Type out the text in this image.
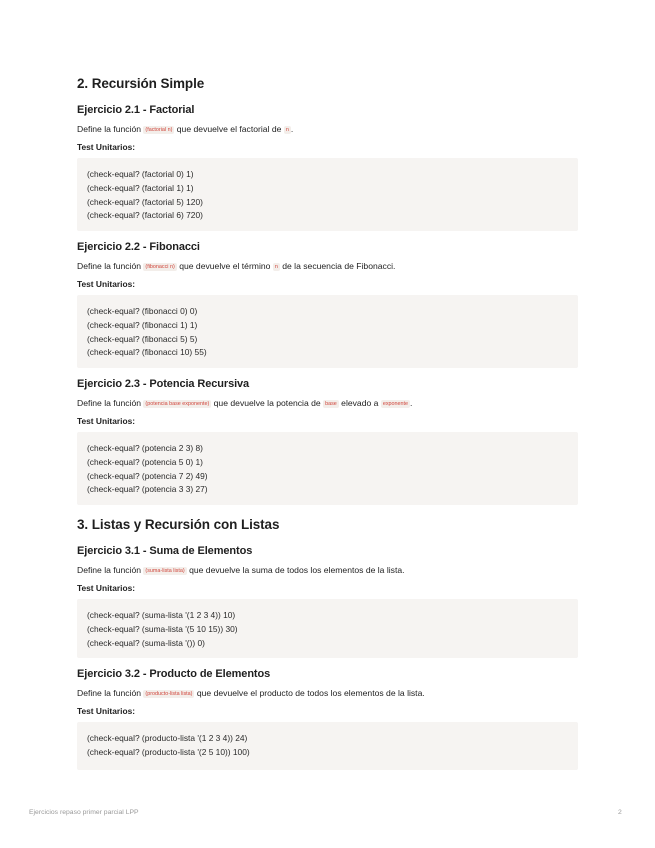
2. Recursión Simple
Ejercicio 2.1 - Factorial
Define la función (factorial n) que devuelve el factorial de n .
Test Unitarios:
(check-equal? (factorial 0) 1)
(check-equal? (factorial 1) 1)
(check-equal? (factorial 5) 120)
(check-equal? (factorial 6) 720)
Ejercicio 2.2 - Fibonacci
Define la función (fibonacci n) que devuelve el término n de la secuencia de Fibonacci.
Test Unitarios:
(check-equal? (fibonacci 0) 0)
(check-equal? (fibonacci 1) 1)
(check-equal? (fibonacci 5) 5)
(check-equal? (fibonacci 10) 55)
Ejercicio 2.3 - Potencia Recursiva
Define la función (potencia base exponente) que devuelve la potencia de base elevado a exponente .
Test Unitarios:
(check-equal? (potencia 2 3) 8)
(check-equal? (potencia 5 0) 1)
(check-equal? (potencia 7 2) 49)
(check-equal? (potencia 3 3) 27)
3. Listas y Recursión con Listas
Ejercicio 3.1 - Suma de Elementos
Define la función (suma-lista lista) que devuelve la suma de todos los elementos de la lista.
Test Unitarios:
(check-equal? (suma-lista '(1 2 3 4)) 10)
(check-equal? (suma-lista '(5 10 15)) 30)
(check-equal? (suma-lista '()) 0)
Ejercicio 3.2 - Producto de Elementos
Define la función (producto-lista lista) que devuelve el producto de todos los elementos de la lista.
Test Unitarios:
(check-equal? (producto-lista '(1 2 3 4)) 24)
(check-equal? (producto-lista '(2 5 10)) 100)
Ejercicios repaso primer parcial LPP	2
